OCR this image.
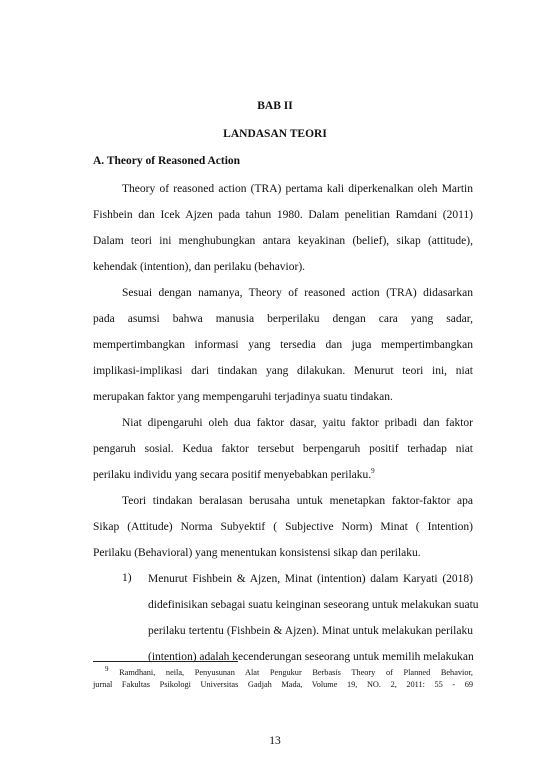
BAB II
LANDASAN TEORI
A. Theory of Reasoned Action
Theory of reasoned action (TRA) pertama kali diperkenalkan oleh Martin
Fishbein dan Icek Ajzen pada tahun 1980. Dalam penelitian Ramdani (2011)
Dalam teori ini menghubungkan antara keyakinan (belief), sikap (attitude),
kehendak (intention), dan perilaku (behavior).
Sesuai dengan namanya, Theory of reasoned action (TRA) didasarkan
pada asumsi bahwa manusia berperilaku dengan cara yang sadar,
mempertimbangkan informasi yang tersedia dan juga mempertimbangkan
implikasi-implikasi dari tindakan yang dilakukan. Menurut teori ini, niat
merupakan faktor yang mempengaruhi terjadinya suatu tindakan.
Niat dipengaruhi oleh dua faktor dasar, yaitu faktor pribadi dan faktor
pengaruh sosial. Kedua faktor tersebut berpengaruh positif terhadap niat
perilaku individu yang secara positif menyebabkan perilaku.$^9$
Teori tindakan beralasan berusaha untuk menetapkan faktor-faktor apa
Sikap (Attitude) Norma Subyektif ( Subjective Norm) Minat ( Intention)
Perilaku (Behavioral) yang menentukan konsistensi sikap dan perilaku.
1) Menurut Fishbein & Ajzen, Minat (intention) dalam Karyati (2018)
didefinisikan sebagai suatu keinginan seseorang untuk melakukan suatu
perilaku tertentu (Fishbein & Ajzen). Minat untuk melakukan perilaku
(intention) adalah kecenderungan seseorang untuk memilih melakukan
$^9$ Ramdhani, neila, Penyusunan Alat Pengukur Berbasis Theory of Planned Behavior,
jurnal Fakultas Psikologi Universitas Gadjah Mada, Volume 19, NO. 2, 2011: 55 - 69
13
